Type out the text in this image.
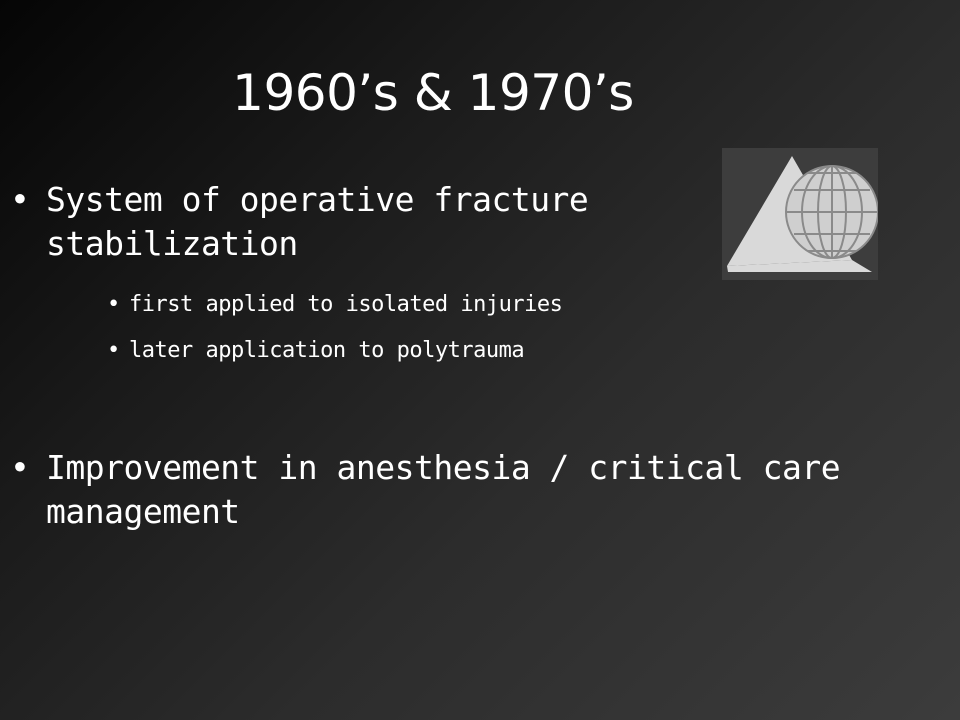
1960’s & 1970’s
• System of operative fracture stabilization
• first applied to isolated injuries
• later application to polytrauma
• Improvement in anesthesia / critical care management
